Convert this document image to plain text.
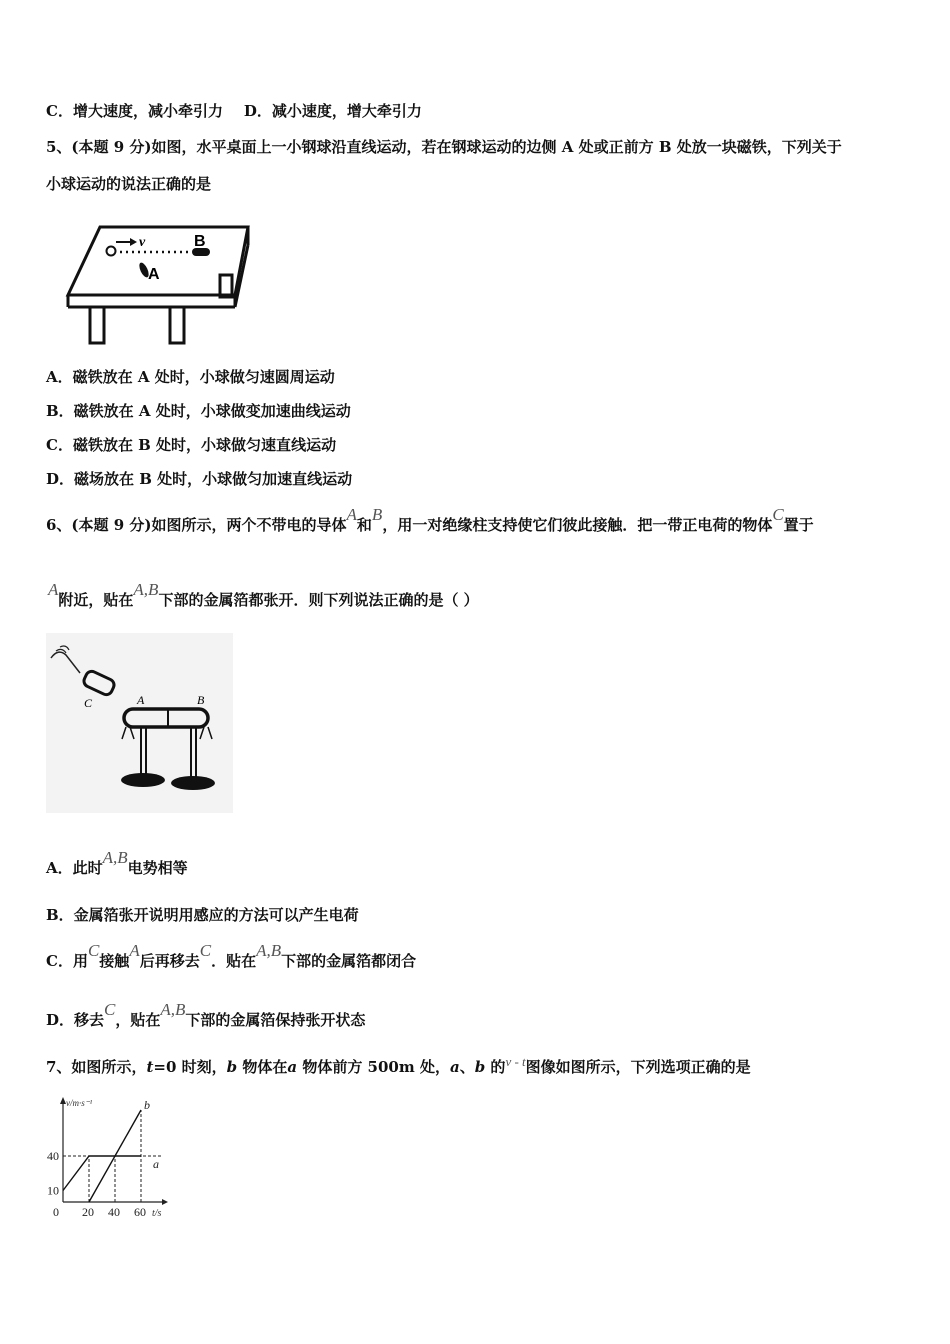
C．增大速度，减小牵引力 D．减小速度，增大牵引力
5、(本题 9 分)如图，水平桌面上一小钢球沿直线运动，若在钢球运动的边侧 A 处或正前方 B 处放一块磁铁，下列关于
小球运动的说法正确的是
v	B
A
A．磁铁放在 A 处时，小球做匀速圆周运动
B．磁铁放在 A 处时，小球做变加速曲线运动
C．磁铁放在 B 处时，小球做匀速直线运动
D．磁场放在 B 处时，小球做匀加速直线运动
6、(本题 9 分)如图所示，两个不带电的导体A和B，用一对绝缘柱支持使它们彼此接触．把一带正电荷的物体C置于
A附近，贴在A,B下部的金属箔都张开．则下列说法正确的是（ ）
C	A	B
A．此时A,B电势相等
B．金属箔张开说明用感应的方法可以产生电荷
C．用C接触A后再移去C．贴在A,B下部的金属箔都闭合
D．移去C，贴在A,B下部的金属箔保持张开状态
7、如图所示，t=0 时刻，b 物体在a 物体前方 500m 处，a、b 的v - t图像如图所示，下列选项正确的是
v/m·s⁻¹
t/s
0 20 40 60
10
40
a
b
